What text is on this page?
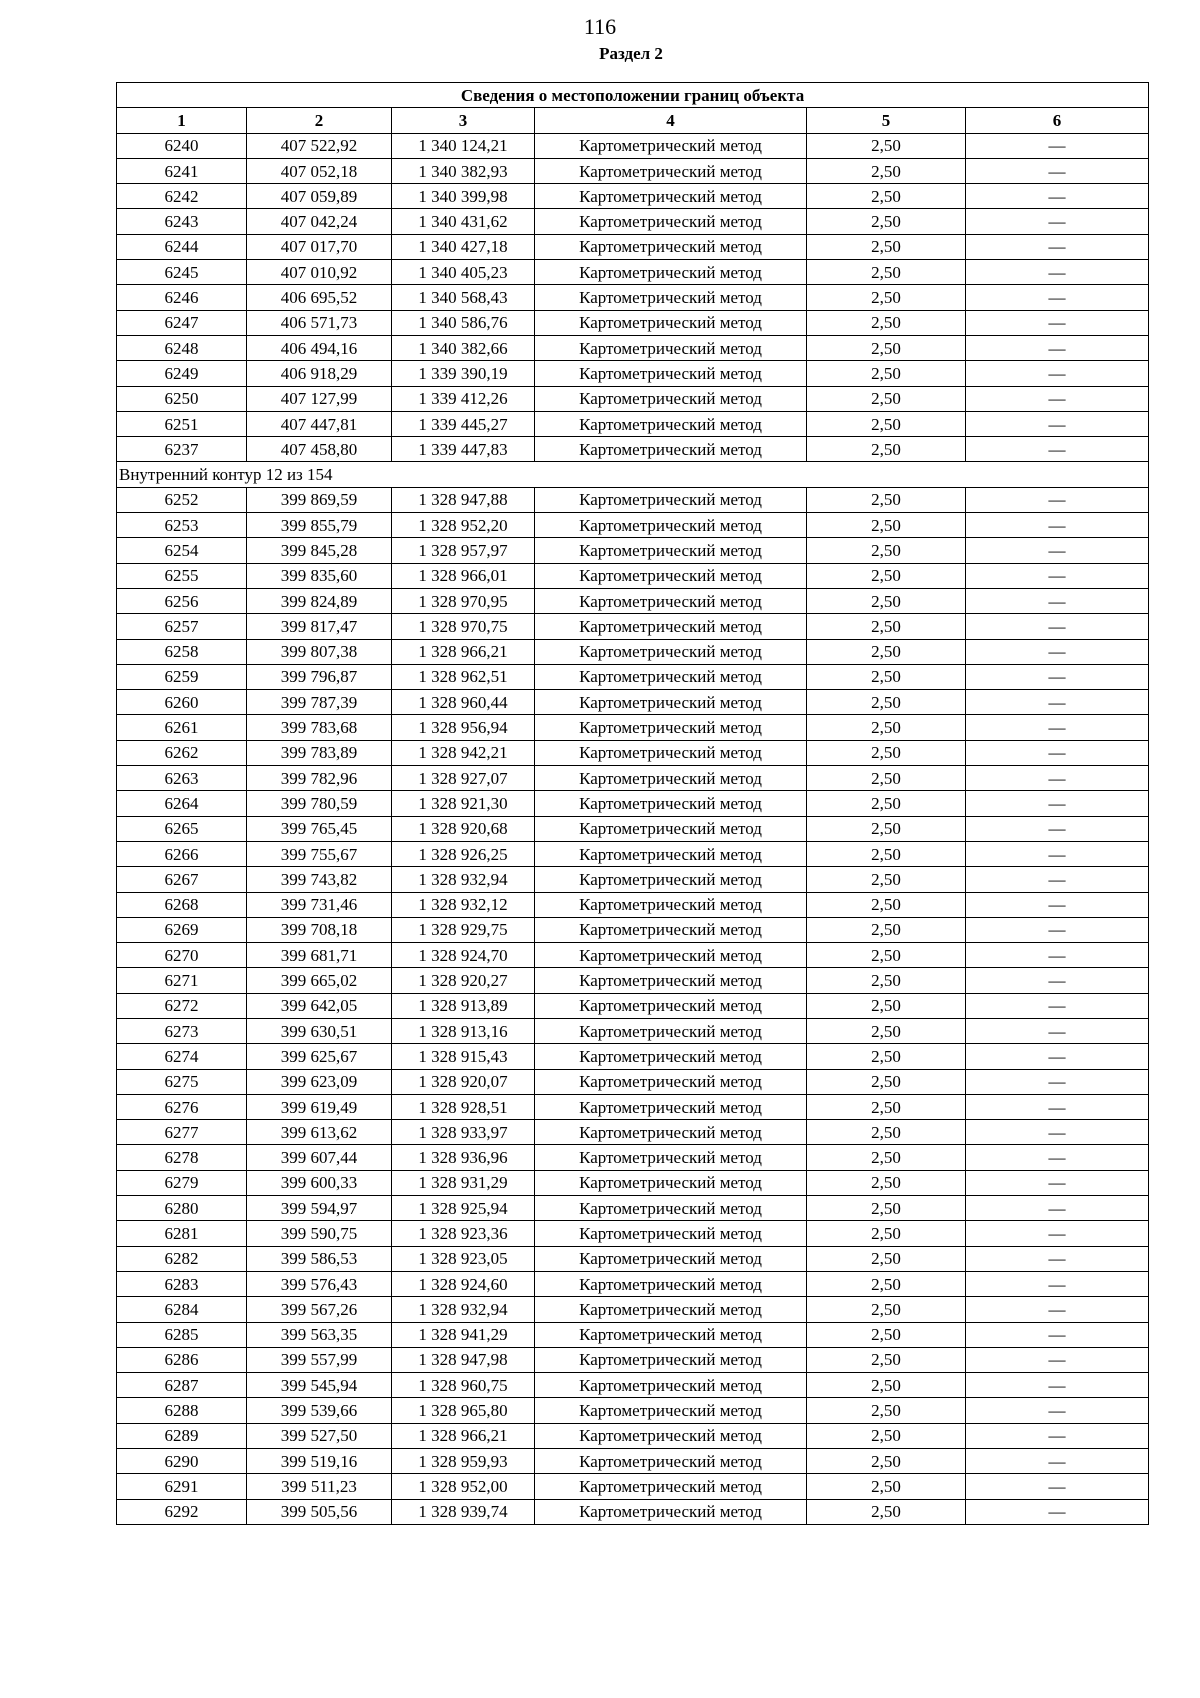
116
Раздел 2
Сведения о местоположении границ объекта					
1	2	3	4	5	6
6240	407 522,92	1 340 124,21	Картометрический метод	2,50	—
6241	407 052,18	1 340 382,93	Картометрический метод	2,50	—
6242	407 059,89	1 340 399,98	Картометрический метод	2,50	—
6243	407 042,24	1 340 431,62	Картометрический метод	2,50	—
6244	407 017,70	1 340 427,18	Картометрический метод	2,50	—
6245	407 010,92	1 340 405,23	Картометрический метод	2,50	—
6246	406 695,52	1 340 568,43	Картометрический метод	2,50	—
6247	406 571,73	1 340 586,76	Картометрический метод	2,50	—
6248	406 494,16	1 340 382,66	Картометрический метод	2,50	—
6249	406 918,29	1 339 390,19	Картометрический метод	2,50	—
6250	407 127,99	1 339 412,26	Картометрический метод	2,50	—
6251	407 447,81	1 339 445,27	Картометрический метод	2,50	—
6237	407 458,80	1 339 447,83	Картометрический метод	2,50	—
Внутренний контур 12 из 154					
6252	399 869,59	1 328 947,88	Картометрический метод	2,50	—
6253	399 855,79	1 328 952,20	Картометрический метод	2,50	—
6254	399 845,28	1 328 957,97	Картометрический метод	2,50	—
6255	399 835,60	1 328 966,01	Картометрический метод	2,50	—
6256	399 824,89	1 328 970,95	Картометрический метод	2,50	—
6257	399 817,47	1 328 970,75	Картометрический метод	2,50	—
6258	399 807,38	1 328 966,21	Картометрический метод	2,50	—
6259	399 796,87	1 328 962,51	Картометрический метод	2,50	—
6260	399 787,39	1 328 960,44	Картометрический метод	2,50	—
6261	399 783,68	1 328 956,94	Картометрический метод	2,50	—
6262	399 783,89	1 328 942,21	Картометрический метод	2,50	—
6263	399 782,96	1 328 927,07	Картометрический метод	2,50	—
6264	399 780,59	1 328 921,30	Картометрический метод	2,50	—
6265	399 765,45	1 328 920,68	Картометрический метод	2,50	—
6266	399 755,67	1 328 926,25	Картометрический метод	2,50	—
6267	399 743,82	1 328 932,94	Картометрический метод	2,50	—
6268	399 731,46	1 328 932,12	Картометрический метод	2,50	—
6269	399 708,18	1 328 929,75	Картометрический метод	2,50	—
6270	399 681,71	1 328 924,70	Картометрический метод	2,50	—
6271	399 665,02	1 328 920,27	Картометрический метод	2,50	—
6272	399 642,05	1 328 913,89	Картометрический метод	2,50	—
6273	399 630,51	1 328 913,16	Картометрический метод	2,50	—
6274	399 625,67	1 328 915,43	Картометрический метод	2,50	—
6275	399 623,09	1 328 920,07	Картометрический метод	2,50	—
6276	399 619,49	1 328 928,51	Картометрический метод	2,50	—
6277	399 613,62	1 328 933,97	Картометрический метод	2,50	—
6278	399 607,44	1 328 936,96	Картометрический метод	2,50	—
6279	399 600,33	1 328 931,29	Картометрический метод	2,50	—
6280	399 594,97	1 328 925,94	Картометрический метод	2,50	—
6281	399 590,75	1 328 923,36	Картометрический метод	2,50	—
6282	399 586,53	1 328 923,05	Картометрический метод	2,50	—
6283	399 576,43	1 328 924,60	Картометрический метод	2,50	—
6284	399 567,26	1 328 932,94	Картометрический метод	2,50	—
6285	399 563,35	1 328 941,29	Картометрический метод	2,50	—
6286	399 557,99	1 328 947,98	Картометрический метод	2,50	—
6287	399 545,94	1 328 960,75	Картометрический метод	2,50	—
6288	399 539,66	1 328 965,80	Картометрический метод	2,50	—
6289	399 527,50	1 328 966,21	Картометрический метод	2,50	—
6290	399 519,16	1 328 959,93	Картометрический метод	2,50	—
6291	399 511,23	1 328 952,00	Картометрический метод	2,50	—
6292	399 505,56	1 328 939,74	Картометрический метод	2,50	—
